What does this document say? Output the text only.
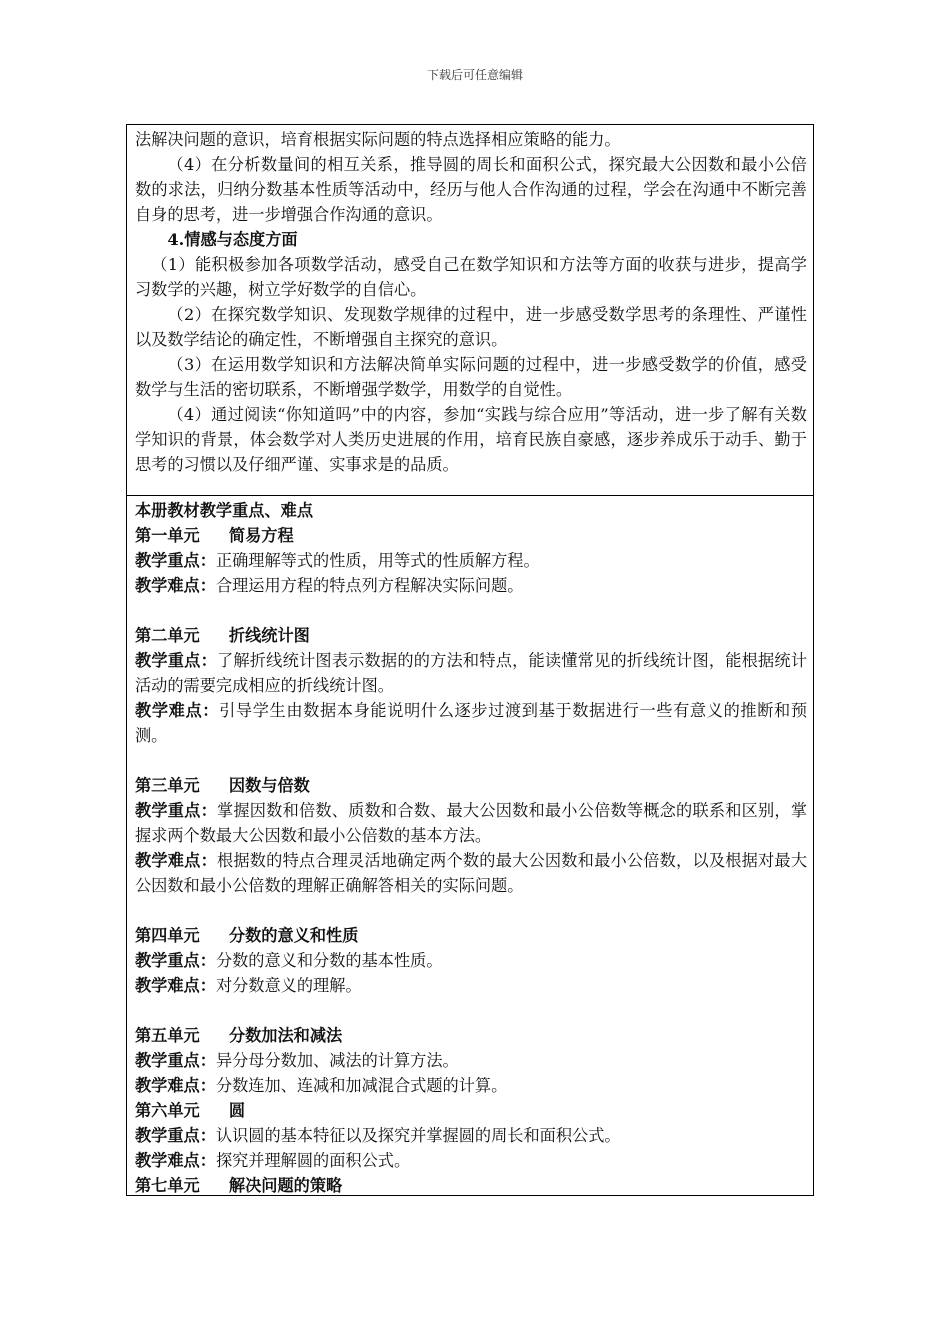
下载后可任意编辑

法解决问题的意识，培育根据实际问题的特点选择相应策略的能力。

（4）在分析数量间的相互关系，推导圆的周长和面积公式，探究最大公因数和最小公倍数的求法，归纳分数基本性质等活动中，经历与他人合作沟通的过程，学会在沟通中不断完善自身的思考，进一步增强合作沟通的意识。

4.情感与态度方面

（1）能积极参加各项数学活动，感受自己在数学知识和方法等方面的收获与进步，提高学习数学的兴趣，树立学好数学的自信心。

（2）在探究数学知识、发现数学规律的过程中，进一步感受数学思考的条理性、严谨性以及数学结论的确定性，不断增强自主探究的意识。

（3）在运用数学知识和方法解决简单实际问题的过程中，进一步感受数学的价值，感受数学与生活的密切联系，不断增强学数学，用数学的自觉性。

（4）通过阅读“你知道吗”中的内容，参加“实践与综合应用”等活动，进一步了解有关数学知识的背景，体会数学对人类历史进展的作用，培育民族自豪感，逐步养成乐于动手、勤于思考的习惯以及仔细严谨、实事求是的品质。

本册教材教学重点、难点

第一单元 简易方程

教学重点：正确理解等式的性质，用等式的性质解方程。

教学难点：合理运用方程的特点列方程解决实际问题。

第二单元 折线统计图

教学重点：了解折线统计图表示数据的的方法和特点，能读懂常见的折线统计图，能根据统计活动的需要完成相应的折线统计图。

教学难点：引导学生由数据本身能说明什么逐步过渡到基于数据进行一些有意义的推断和预测。

第三单元 因数与倍数

教学重点：掌握因数和倍数、质数和合数、最大公因数和最小公倍数等概念的联系和区别，掌握求两个数最大公因数和最小公倍数的基本方法。

教学难点：根据数的特点合理灵活地确定两个数的最大公因数和最小公倍数，以及根据对最大公因数和最小公倍数的理解正确解答相关的实际问题。

第四单元 分数的意义和性质

教学重点：分数的意义和分数的基本性质。

教学难点：对分数意义的理解。

第五单元 分数加法和减法

教学重点：异分母分数加、减法的计算方法。

教学难点：分数连加、连减和加减混合式题的计算。

第六单元 圆

教学重点：认识圆的基本特征以及探究并掌握圆的周长和面积公式。

教学难点：探究并理解圆的面积公式。

第七单元 解决问题的策略
